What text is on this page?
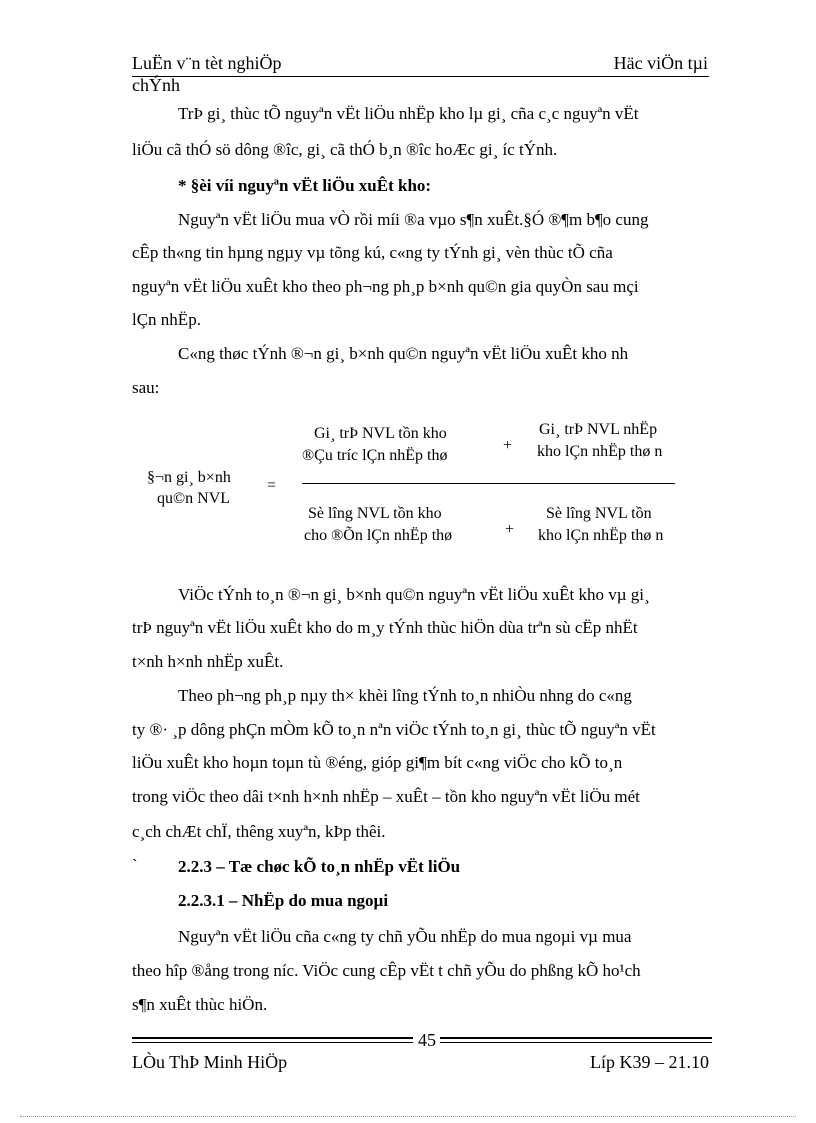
LuËn v¨n tèt nghiÖp	Häc viÖn tµi
chÝnh
TrÞ gi¸ thùc tÕ nguyªn vËt liÖu nhËp kho lµ gi¸ cña c¸c nguyªn vËt
liÖu cã thÓ sö dông ®îc, gi¸ cã thÓ b¸n ®îc hoÆc gi¸ íc tÝnh.
* §èi víi nguyªn vËt liÖu xuÊt kho:
Nguyªn vËt liÖu mua vÒ rồi míi ®a vµo s¶n xuÊt.§Ó ®¶m b¶o cung
cÊp th«ng tin hµng ngµy vµ tõng kú, c«ng ty tÝnh gi¸ vèn thùc tÕ cña
nguyªn vËt liÖu xuÊt kho theo ph¬ng ph¸p b×nh qu©n gia quyÒn sau mçi
lÇn nhËp.
C«ng thøc tÝnh ®¬n gi¸ b×nh qu©n nguyªn vËt liÖu xuÊt kho nh
sau:
§¬n gi¸ b×nh
qu©n NVL
=
Gi¸ trÞ NVL tồn kho
®Çu tríc lÇn nhËp thø
+
Gi¸ trÞ NVL nhËp
kho lÇn nhËp thø n
Sè lîng NVL tồn kho
cho ®Õn lÇn nhËp thø	+
Sè lîng NVL tồn
kho lÇn nhËp thø n
ViÖc tÝnh to¸n ®¬n gi¸ b×nh qu©n nguyªn vËt liÖu xuÊt kho vµ gi¸
trÞ nguyªn vËt liÖu xuÊt kho do m¸y tÝnh thùc hiÖn dùa trªn sù cËp nhËt
t×nh h×nh nhËp xuÊt.
Theo ph¬ng ph¸p nµy th× khèi lîng tÝnh to¸n nhiÒu nhng do c«ng
ty ®· ¸p dông phÇn mÒm kÕ to¸n nªn viÖc tÝnh to¸n gi¸ thùc tÕ nguyªn vËt
liÖu xuÊt kho hoµn toµn tù ®éng, gióp gi¶m bít c«ng viÖc cho kÕ to¸n
trong viÖc theo dâi t×nh h×nh nhËp – xuÊt – tồn kho nguyªn vËt liÖu mét
c¸ch chÆt chÏ, thêng xuyªn, kÞp thêi.
` 2.2.3 – Tæ chøc kÕ to¸n nhËp vËt liÖu
2.2.3.1 – NhËp do mua ngoµi
Nguyªn vËt liÖu cña c«ng ty chñ yÕu nhËp do mua ngoµi vµ mua
theo hîp ®ång trong níc. ViÖc cung cÊp vËt t chñ yÕu do phßng kÕ ho¹ch
s¶n xuÊt thùc hiÖn.
45
LÒu ThÞ Minh HiÖp	Líp K39 – 21.10
